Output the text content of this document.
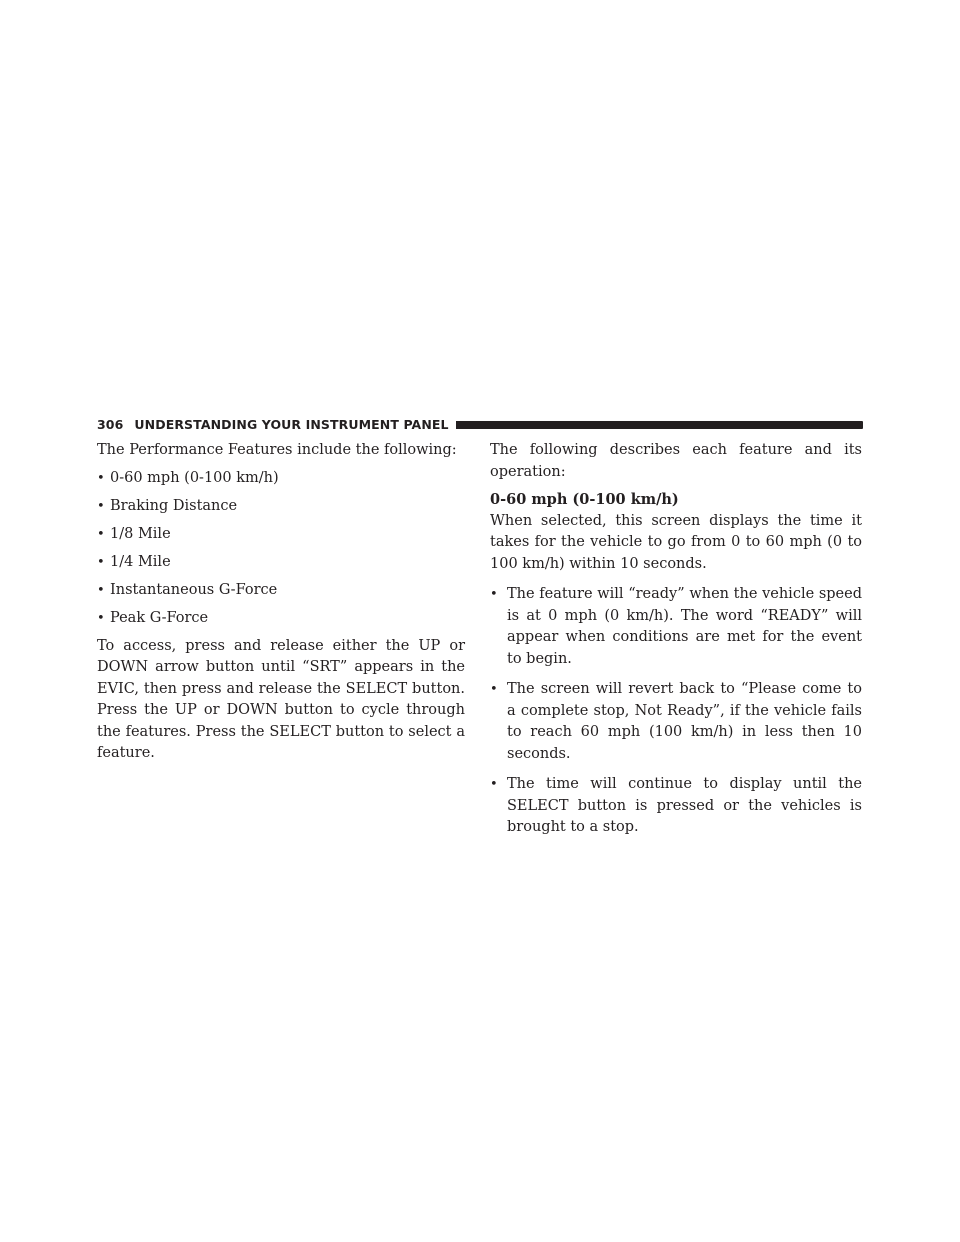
306 UNDERSTANDING YOUR INSTRUMENT PANEL

The Performance Features include the following:

• 0-60 mph (0-100 km/h)
• Braking Distance
• 1/8 Mile
• 1/4 Mile
• Instantaneous G-Force
• Peak G-Force

To access, press and release either the UP or DOWN arrow button until “SRT” appears in the EVIC, then press and release the SELECT button. Press the UP or DOWN button to cycle through the features. Press the SELECT button to select a feature.

The following describes each feature and its operation:

0-60 mph (0-100 km/h)

When selected, this screen displays the time it takes for the vehicle to go from 0 to 60 mph (0 to 100 km/h) within 10 seconds.

• The feature will “ready” when the vehicle speed is at 0 mph (0 km/h). The word “READY” will appear when conditions are met for the event to begin.
• The screen will revert back to “Please come to a complete stop, Not Ready”, if the vehicle fails to reach 60 mph (100 km/h) in less then 10 seconds.
• The time will continue to display until the SELECT button is pressed or the vehicles is brought to a stop.
